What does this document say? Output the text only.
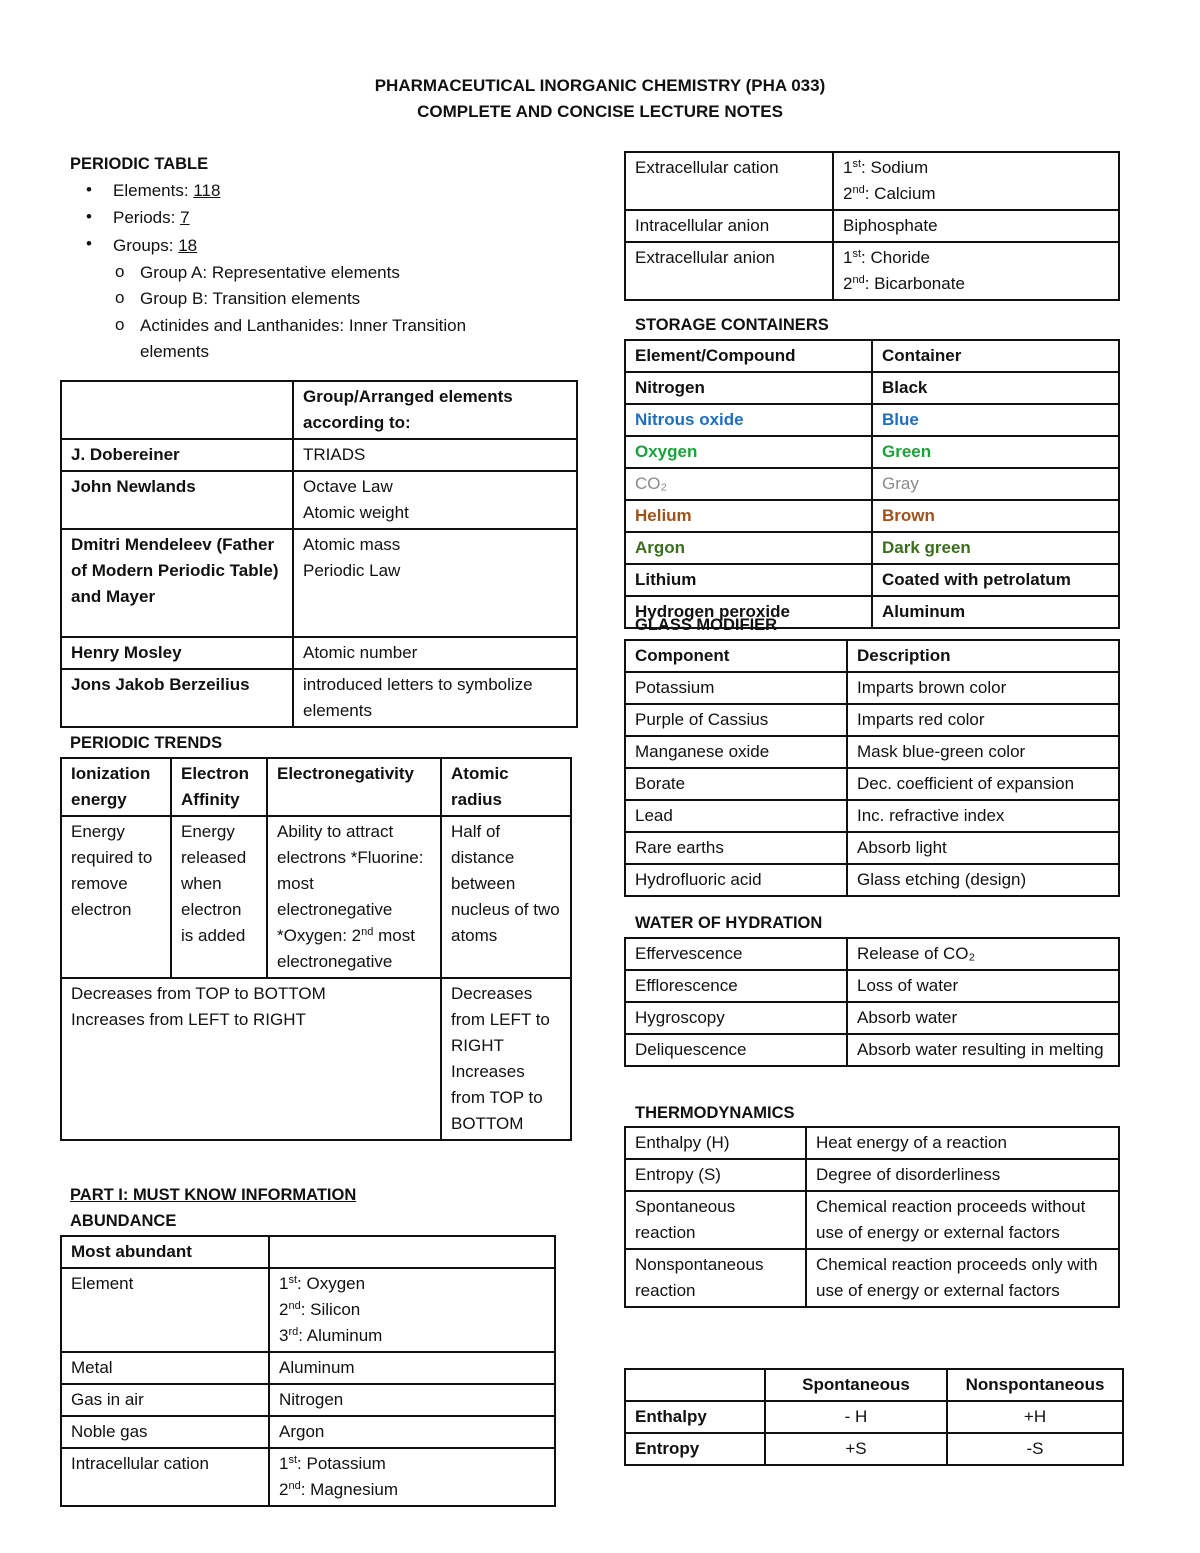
PHARMACEUTICAL INORGANIC CHEMISTRY (PHA 033)
COMPLETE AND CONCISE LECTURE NOTES
PERIODIC TABLE
• Elements: 118
• Periods: 7
• Groups: 18
o Group A: Representative elements
o Group B: Transition elements
o Actinides and Lanthanides: Inner Transition
elements
	Group/Arranged elements according to:
J. Dobereiner	TRIADS
John Newlands	Octave Law
Atomic weight
Dmitri Mendeleev (Father of Modern Periodic Table) and Mayer	Atomic mass
Periodic Law
Henry Mosley	Atomic number
Jons Jakob Berzeilius	introduced letters to symbolize elements
PERIODIC TRENDS
Ionization energy	Electron Affinity	Electronegativity	Atomic radius
Energy required to remove electron	Energy released when electron is added	Ability to attract electrons *Fluorine: most electronegative *Oxygen: 2nd most electronegative	Half of distance between nucleus of two atoms
Decreases from TOP to BOTTOM
Increases from LEFT to RIGHT			Decreases from LEFT to RIGHT Increases from TOP to BOTTOM
PART I: MUST KNOW INFORMATION
ABUNDANCE
Most abundant	
Element	1st: Oxygen
2nd: Silicon
3rd: Aluminum

Metal	Aluminum
Gas in air	Nitrogen
Noble gas	Argon
Intracellular cation	1st: Potassium
2nd: Magnesium
Extracellular cation	1st: Sodium
2nd: Calcium

Intracellular anion	Biphosphate
Extracellular anion	1st: Choride
2nd: Bicarbonate
STORAGE CONTAINERS
Element/Compound	Container
Nitrogen	Black
Nitrous oxide	Blue
Oxygen	Green
CO₂	Gray
Helium	Brown
Argon	Dark green
Lithium	Coated with petrolatum
Hydrogen peroxide	Aluminum
GLASS MODIFIER
Component	Description
Potassium	Imparts brown color
Purple of Cassius	Imparts red color
Manganese oxide	Mask blue-green color
Borate	Dec. coefficient of expansion
Lead	Inc. refractive index
Rare earths	Absorb light
Hydrofluoric acid	Glass etching (design)
WATER OF HYDRATION
Effervescence	Release of CO₂
Efflorescence	Loss of water
Hygroscopy	Absorb water
Deliquescence	Absorb water resulting in melting
THERMODYNAMICS
Enthalpy (H)	Heat energy of a reaction
Entropy (S)	Degree of disorderliness
Spontaneous reaction	Chemical reaction proceeds without use of energy or external factors
Nonspontaneous reaction	Chemical reaction proceeds only with use of energy or external factors
	Spontaneous	Nonspontaneous
Enthalpy	- H	+H
Entropy	+S	-S
